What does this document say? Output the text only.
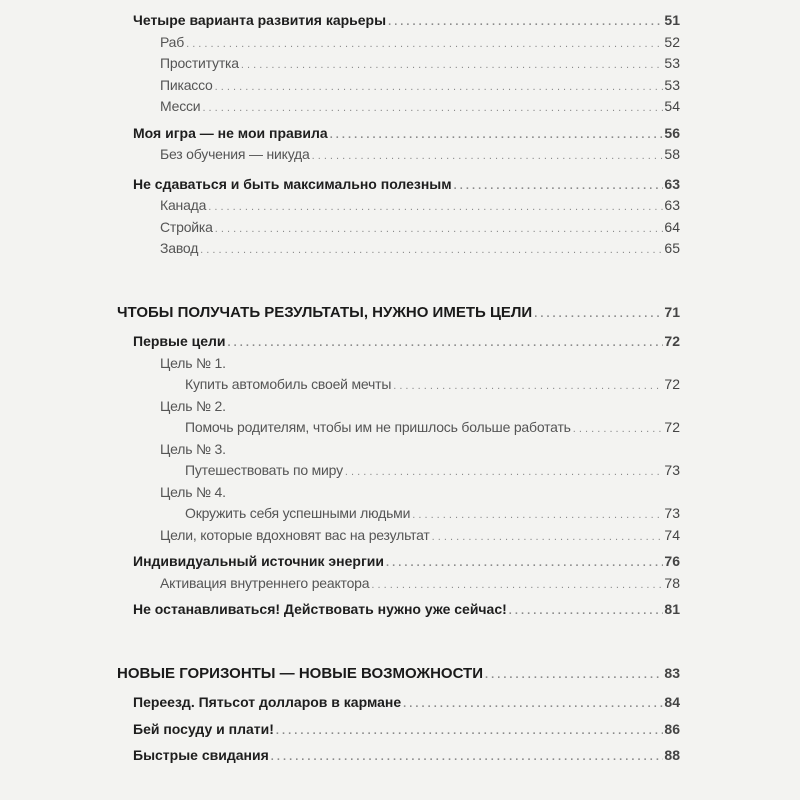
Четыре варианта развития карьеры . . .	51
Раб . . .	52
Проститутка . . .	53
Пикассо . . .	53
Месси . . .	54
Моя игра — не мои правила . . .	56
Без обучения — никуда . . .	58
Не сдаваться и быть максимально полезным . . .	63
Канада . . .	63
Стройка . . .	64
Завод . . .	65
ЧТОБЫ ПОЛУЧАТЬ РЕЗУЛЬТАТЫ, НУЖНО ИМЕТЬ ЦЕЛИ . . .	71
Первые цели . . .	72
Цель № 1.
Купить автомобиль своей мечты . . .	72
Цель № 2.
Помочь родителям, чтобы им не пришлось больше работать . . .	72
Цель № 3.
Путешествовать по миру . . .	73
Цель № 4.
Окружить себя успешными людьми . . .	73
Цели, которые вдохновят вас на результат . . .	74
Индивидуальный источник энергии . . .	76
Активация внутреннего реактора . . .	78
Не останавливаться! Действовать нужно уже сейчас! . . .	81
НОВЫЕ ГОРИЗОНТЫ — НОВЫЕ ВОЗМОЖНОСТИ . . .	83
Переезд. Пятьсот долларов в кармане . . .	84
Бей посуду и плати! . . .	86
Быстрые свидания . . .	88
